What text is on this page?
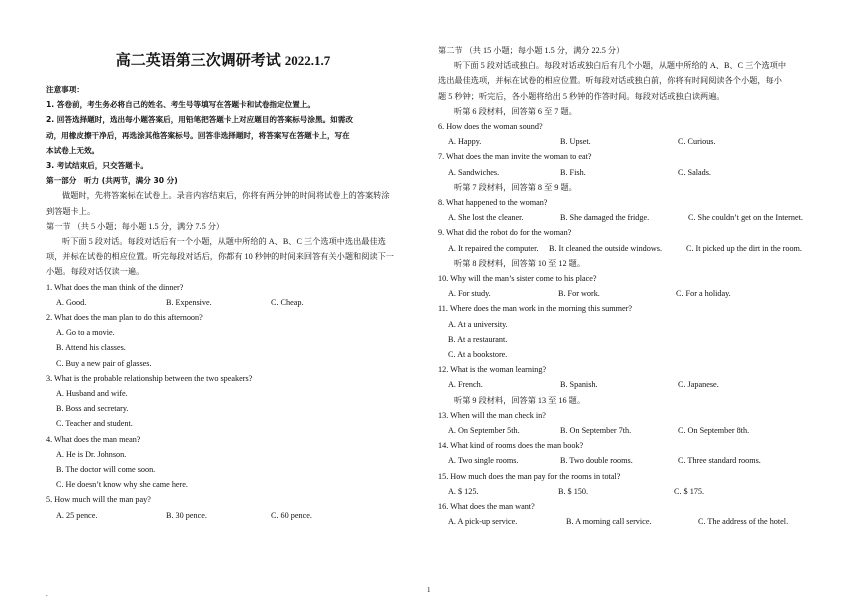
高二英语第三次调研考试 2022.1.7

注意事项：

1. 答卷前，考生务必将自己的姓名、考生号等填写在答题卡和试卷指定位置上。

2. 回答选择题时，选出每小题答案后，用铅笔把答题卡上对应题目的答案标号涂黑。如需改

动，用橡皮擦干净后，再选涂其他答案标号。回答非选择题时，将答案写在答题卡上，写在

本试卷上无效。

3. 考试结束后，只交答题卡。

第一部分　听力 (共两节，满分 30 分)

做题时，先将答案标在试卷上。录音内容结束后，你将有两分钟的时间将试卷上的答案转涂

到答题卡上。

第一节 （共 5 小题；每小题 1.5 分，满分 7.5 分）

听下面 5 段对话。每段对话后有一个小题，从题中所给的 A、B、C 三个选项中选出最佳选

项，并标在试卷的相应位置。听完每段对话后，你都有 10 秒钟的时间来回答有关小题和阅读下一

小题。每段对话仅读一遍。

1. What does the man think of the dinner?

A. Good.	B. Expensive.	C. Cheap.

2. What does the man plan to do this afternoon?

A. Go to a movie.

B. Attend his classes.

C. Buy a new pair of glasses.

3. What is the probable relationship between the two speakers?

A. Husband and wife.

B. Boss and secretary.

C. Teacher and student.

4. What does the man mean?

A. He is Dr. Johnson.

B. The doctor will come soon.

C. He doesn’t know why she came here.

5. How much will the man pay?

A. 25 pence.	B. 30 pence.	C. 60 pence.

第二节 （共 15 小题；每小题 1.5 分，满分 22.5 分）

听下面 5 段对话或独白。每段对话或独白后有几个小题，从题中所给的 A、B、C 三个选项中

选出最佳选项，并标在试卷的相应位置。听每段对话或独白前，你将有时间阅读各个小题，每小

题 5 秒钟；听完后，各小题将给出 5 秒钟的作答时间。每段对话或独白读两遍。

听第 6 段材料，回答第 6 至 7 题。

6. How does the woman sound?

A. Happy.	B. Upset.	C. Curious.

7. What does the man invite the woman to eat?

A. Sandwiches.	B. Fish.	C. Salads.

听第 7 段材料，回答第 8 至 9 题。

8. What happened to the woman?

A. She lost the cleaner.	B. She damaged the fridge.	C. She couldn’t get on the Internet.

9. What did the robot do for the woman?

A. It repaired the computer.	B. It cleaned the outside windows.	C. It picked up the dirt in the room.

听第 8 段材料，回答第 10 至 12 题。

10. Why will the man’s sister come to his place?

A. For study.	B. For work.	C. For a holiday.

11. Where does the man work in the morning this summer?

A. At a university.

B. At a restaurant.

C. At a bookstore.

12. What is the woman learning?

A. French.	B. Spanish.	C. Japanese.

听第 9 段材料，回答第 13 至 16 题。

13. When will the man check in?

A. On September 5th.	B. On September 7th.	C. On September 8th.

14. What kind of rooms does the man book?

A. Two single rooms.	B. Two double rooms.	C. Three standard rooms.

15. How much does the man pay for the rooms in total?

A. $ 125.	B. $ 150.	C. $ 175.

16. What does the man want?

A. A pick-up service.	B. A morning call service.	C. The address of the hotel.
.	1
